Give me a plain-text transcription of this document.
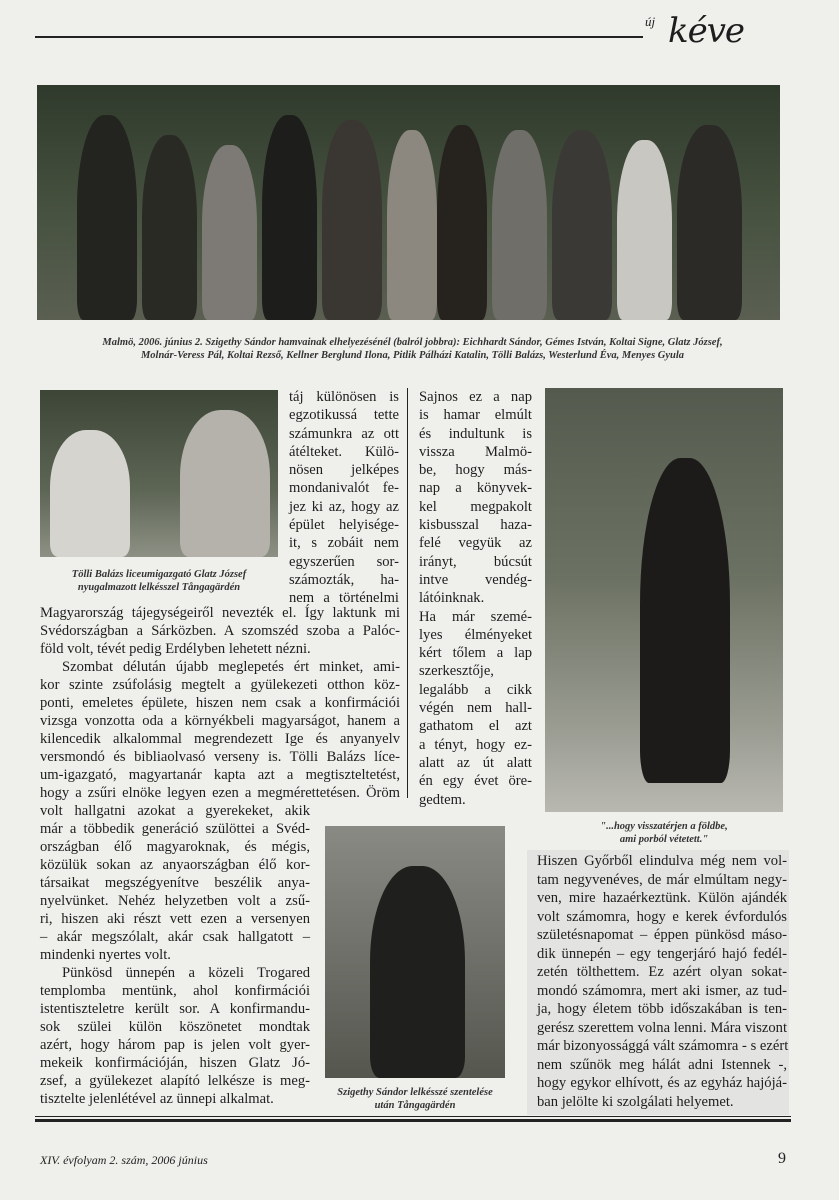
új kéve
Malmö, 2006. június 2. Szigethy Sándor hamvainak elhelyezésénél (balról jobbra): Eichhardt Sándor, Gémes István, Koltai Signe, Glatz József,
Molnár-Veress Pál, Koltai Rezső, Kellner Berglund Ilona, Pitlik Pálházi Katalin, Tölli Balázs, Westerlund Éva, Menyes Gyula
Tölli Balázs liceumigazgató Glatz József
nyugalmazott lelkésszel Tångagärdén
"...hogy visszatérjen a földbe,
ami porból vétetett."
Szigethy Sándor lelkésszé szentelése
után Tångagärdén
táj különösen is
egzotikussá tette
számunkra az ott
átélteket. Külö-
nösen jelképes
mondanivalót fe-
jez ki az, hogy az
épület helyisége-
it, s zobáit nem
egyszerűen sor-
számozták, ha-
nem a történelmi
Sajnos ez a nap
is hamar elmúlt
és indultunk is
vissza Malmö-
be, hogy más-
nap a könyvek-
kel megpakolt
kisbusszal haza-
felé vegyük az
irányt, búcsút
intve vendég-
látóinknak.
Ha már szemé-
lyes élményeket
kért tőlem a lap
szerkesztője,
legalább a cikk
végén nem hall-
gathatom el azt
a tényt, hogy ez-
alatt az út alatt
én egy évet öre-
gedtem.
Magyarország tájegységeiről nevezték el. Így laktunk mi
Svédországban a Sárközben. A szomszéd szoba a Palóc-
föld volt, tévét pedig Erdélyben lehetett nézni.
Szombat délután újabb meglepetés ért minket, ami-
kor szinte zsúfolásig megtelt a gyülekezeti otthon köz-
ponti, emeletes épülete, hiszen nem csak a konfirmációi
vizsga vonzotta oda a környékbeli magyarságot, hanem a
kilencedik alkalommal megrendezett Ige és anyanyelv
versmondó és bibliaolvasó verseny is. Tölli Balázs líce-
um-igazgató, magyartanár kapta azt a megtiszteltetést,
hogy a zsűri elnöke legyen ezen a megmérettetésen. Öröm
volt hallgatni azokat a gyerekeket, akik
már a többedik generáció szülöttei a Svéd-
országban élő magyaroknak, és mégis,
közülük sokan az anyaországban élő kor-
társaikat megszégyenítve beszélik anya-
nyelvünket. Nehéz helyzetben volt a zsű-
ri, hiszen aki részt vett ezen a versenyen
– akár megszólalt, akár csak hallgatott –
mindenki nyertes volt.
Pünkösd ünnepén a közeli Trogared
templomba mentünk, ahol konfirmációi
istentiszteletre került sor. A konfirmandu-
sok szülei külön köszönetet mondtak
azért, hogy három pap is jelen volt gyer-
mekeik konfirmációján, hiszen Glatz Jó-
zsef, a gyülekezet alapító lelkésze is meg-
tisztelte jelenlétével az ünnepi alkalmat.
Hiszen Győrből elindulva még nem vol-
tam negyvenéves, de már elmúltam negy-
ven, mire hazaérkeztünk. Külön ajándék
volt számomra, hogy e kerek évfordulós
születésnapomat – éppen pünkösd máso-
dik ünnepén – egy tengerjáró hajó fedél-
zetén tölthettem. Ez azért olyan sokat-
mondó számomra, mert aki ismer, az tud-
ja, hogy életem több időszakában is ten-
gerész szerettem volna lenni. Mára viszont
már bizonyossággá vált számomra - s ezért
nem szűnök meg hálát adni Istennek -,
hogy egykor elhívott, és az egyház hajójá-
ban jelölte ki szolgálati helyemet.
XIV. évfolyam 2. szám, 2006 június	9
